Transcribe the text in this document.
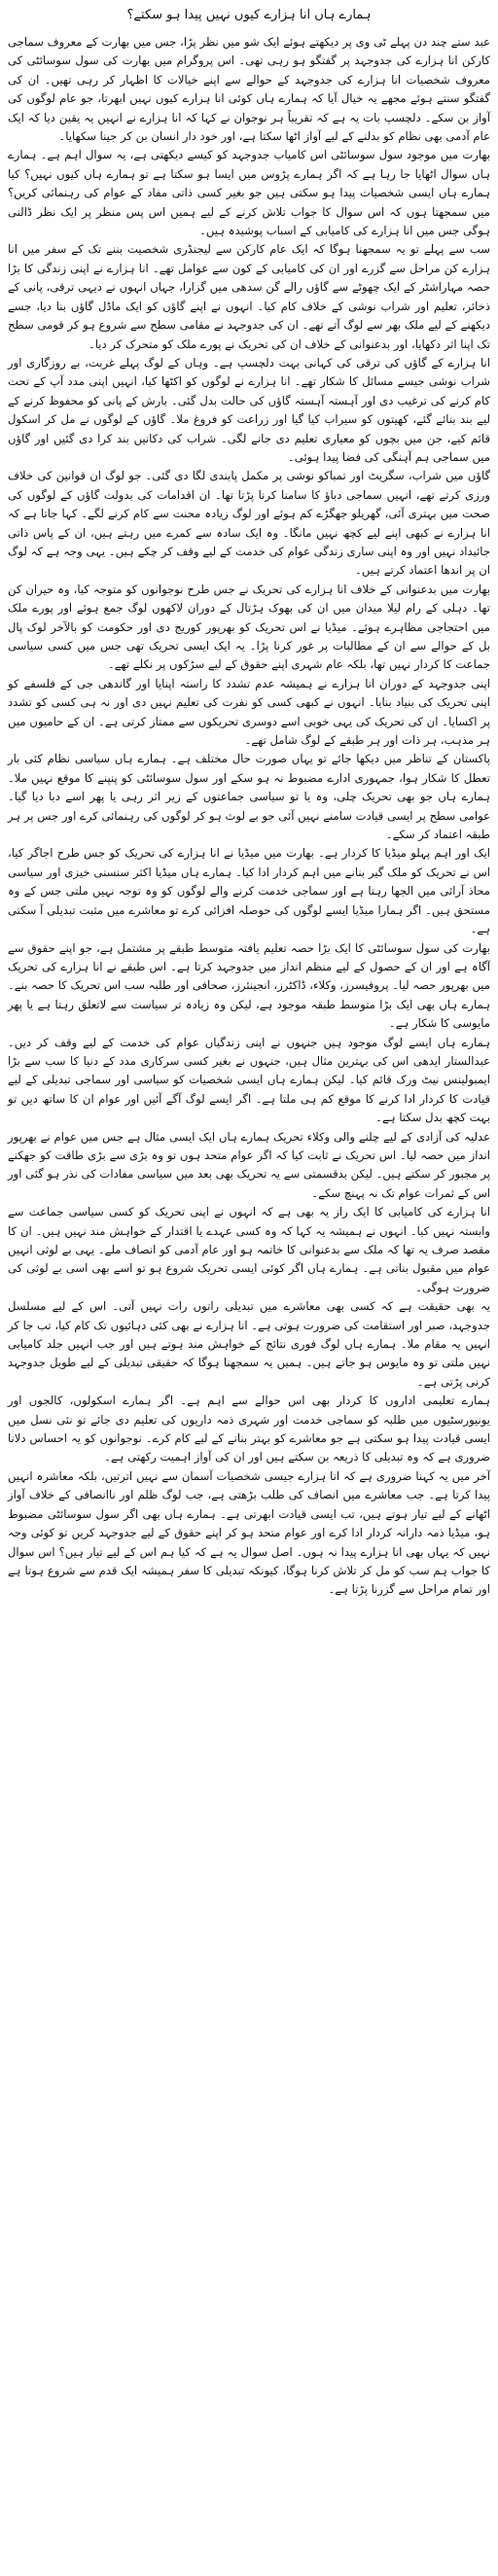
ہمارے ہاں انا ہزارے کیوں نہیں پیدا ہو سکتے؟

عبد ستے چند دن پہلے ٹی وی پر دیکھتے ہوئے ایک شو میں نظر پڑا، جس میں بھارت کے معروف سماجی کارکن انا ہزارے کی جدوجہد پر گفتگو ہو رہی تھی۔ اس پروگرام میں بھارت کی سول سوسائٹی کی معروف شخصیات انا ہزارے کی جدوجہد کے حوالے سے اپنے خیالات کا اظہار کر رہی تھیں۔ ان کی گفتگو سنتے ہوئے مجھے یہ خیال آیا کہ ہمارے ہاں کوئی انا ہزارے کیوں نہیں ابھرتا، جو عام لوگوں کی آواز بن سکے۔ دلچسپ بات یہ ہے کہ تقریباً ہر نوجوان نے کہا کہ انا ہزارے نے انہیں یہ یقین دیا کہ ایک عام آدمی بھی نظام کو بدلنے کے لیے آواز اٹھا سکتا ہے، اور خود دار انسان بن کر جینا سکھایا۔

بھارت میں موجود سول سوسائٹی اس کامیاب جدوجہد کو کیسے دیکھتی ہے، یہ سوال اہم ہے۔ ہمارے ہاں سوال اٹھایا جا رہا ہے کہ اگر ہمارے پڑوس میں ایسا ہو سکتا ہے تو ہمارے ہاں کیوں نہیں؟ کیا ہمارے ہاں ایسی شخصیات پیدا ہو سکتی ہیں جو بغیر کسی ذاتی مفاد کے عوام کی رہنمائی کریں؟ میں سمجھتا ہوں کہ اس سوال کا جواب تلاش کرنے کے لیے ہمیں اس پس منظر پر ایک نظر ڈالنی ہوگی جس میں انا ہزارے کی کامیابی کے اسباب پوشیدہ ہیں۔

سب سے پہلے تو یہ سمجھنا ہوگا کہ ایک عام کارکن سے لیجنڈری شخصیت بننے تک کے سفر میں انا ہزارے کن مراحل سے گزرے اور ان کی کامیابی کے کون سے عوامل تھے۔ انا ہزارے نے اپنی زندگی کا بڑا حصہ مہاراشٹر کے ایک چھوٹے سے گاؤں رالے گن سدھی میں گزارا، جہاں انہوں نے دیہی ترقی، پانی کے ذخائر، تعلیم اور شراب نوشی کے خلاف کام کیا۔ انہوں نے اپنے گاؤں کو ایک ماڈل گاؤں بنا دیا، جسے دیکھنے کے لیے ملک بھر سے لوگ آتے تھے۔ ان کی جدوجہد نے مقامی سطح سے شروع ہو کر قومی سطح تک اپنا اثر دکھایا، اور بدعنوانی کے خلاف ان کی تحریک نے پورے ملک کو متحرک کر دیا۔

انا ہزارے کے گاؤں کی ترقی کی کہانی بہت دلچسپ ہے۔ وہاں کے لوگ پہلے غربت، بے روزگاری اور شراب نوشی جیسے مسائل کا شکار تھے۔ انا ہزارے نے لوگوں کو اکٹھا کیا، انہیں اپنی مدد آپ کے تحت کام کرنے کی ترغیب دی اور آہستہ آہستہ گاؤں کی حالت بدل گئی۔ بارش کے پانی کو محفوظ کرنے کے لیے بند بنائے گئے، کھیتوں کو سیراب کیا گیا اور زراعت کو فروغ ملا۔ گاؤں کے لوگوں نے مل کر اسکول قائم کیے، جن میں بچوں کو معیاری تعلیم دی جانے لگی۔ شراب کی دکانیں بند کرا دی گئیں اور گاؤں میں سماجی ہم آہنگی کی فضا پیدا ہوئی۔

گاؤں میں شراب، سگریٹ اور تمباکو نوشی پر مکمل پابندی لگا دی گئی۔ جو لوگ ان قوانین کی خلاف ورزی کرتے تھے، انہیں سماجی دباؤ کا سامنا کرنا پڑتا تھا۔ ان اقدامات کی بدولت گاؤں کے لوگوں کی صحت میں بہتری آئی، گھریلو جھگڑے کم ہوئے اور لوگ زیادہ محنت سے کام کرنے لگے۔ کہا جاتا ہے کہ انا ہزارے نے کبھی اپنے لیے کچھ نہیں مانگا۔ وہ ایک سادہ سے کمرے میں رہتے ہیں، ان کے پاس ذاتی جائیداد نہیں اور وہ اپنی ساری زندگی عوام کی خدمت کے لیے وقف کر چکے ہیں۔ یہی وجہ ہے کہ لوگ ان پر اندھا اعتماد کرتے ہیں۔

بھارت میں بدعنوانی کے خلاف انا ہزارے کی تحریک نے جس طرح نوجوانوں کو متوجہ کیا، وہ حیران کن تھا۔ دہلی کے رام لیلا میدان میں ان کی بھوک ہڑتال کے دوران لاکھوں لوگ جمع ہوئے اور پورے ملک میں احتجاجی مظاہرے ہوئے۔ میڈیا نے اس تحریک کو بھرپور کوریج دی اور حکومت کو بالآخر لوک پال بل کے حوالے سے ان کے مطالبات پر غور کرنا پڑا۔ یہ ایک ایسی تحریک تھی جس میں کسی سیاسی جماعت کا کردار نہیں تھا، بلکہ عام شہری اپنے حقوق کے لیے سڑکوں پر نکلے تھے۔

اپنی جدوجہد کے دوران انا ہزارے نے ہمیشہ عدم تشدد کا راستہ اپنایا اور گاندھی جی کے فلسفے کو اپنی تحریک کی بنیاد بنایا۔ انہوں نے کبھی کسی کو نفرت کی تعلیم نہیں دی اور نہ ہی کسی کو تشدد پر اکسایا۔ ان کی تحریک کی یہی خوبی اسے دوسری تحریکوں سے ممتاز کرتی ہے۔ ان کے حامیوں میں ہر مذہب، ہر ذات اور ہر طبقے کے لوگ شامل تھے۔

پاکستان کے تناظر میں دیکھا جائے تو یہاں صورت حال مختلف ہے۔ ہمارے ہاں سیاسی نظام کئی بار تعطل کا شکار ہوا، جمہوری ادارے مضبوط نہ ہو سکے اور سول سوسائٹی کو پنپنے کا موقع نہیں ملا۔ ہمارے ہاں جو بھی تحریک چلی، وہ یا تو سیاسی جماعتوں کے زیر اثر رہی یا پھر اسے دبا دیا گیا۔ عوامی سطح پر ایسی قیادت سامنے نہیں آئی جو بے لوث ہو کر لوگوں کی رہنمائی کرے اور جس پر ہر طبقہ اعتماد کر سکے۔

ایک اور اہم پہلو میڈیا کا کردار ہے۔ بھارت میں میڈیا نے انا ہزارے کی تحریک کو جس طرح اجاگر کیا، اس نے تحریک کو ملک گیر بنانے میں اہم کردار ادا کیا۔ ہمارے ہاں میڈیا اکثر سنسنی خیزی اور سیاسی محاذ آرائی میں الجھا رہتا ہے اور سماجی خدمت کرنے والے لوگوں کو وہ توجہ نہیں ملتی جس کے وہ مستحق ہیں۔ اگر ہمارا میڈیا ایسے لوگوں کی حوصلہ افزائی کرے تو معاشرے میں مثبت تبدیلی آ سکتی ہے۔

بھارت کی سول سوسائٹی کا ایک بڑا حصہ تعلیم یافتہ متوسط طبقے پر مشتمل ہے، جو اپنے حقوق سے آگاہ ہے اور ان کے حصول کے لیے منظم انداز میں جدوجہد کرتا ہے۔ اس طبقے نے انا ہزارے کی تحریک میں بھرپور حصہ لیا۔ پروفیسرز، وکلاء، ڈاکٹرز، انجینئرز، صحافی اور طلبہ سب اس تحریک کا حصہ بنے۔ ہمارے ہاں بھی ایک بڑا متوسط طبقہ موجود ہے، لیکن وہ زیادہ تر سیاست سے لاتعلق رہتا ہے یا پھر مایوسی کا شکار ہے۔

ہمارے ہاں ایسے لوگ موجود ہیں جنہوں نے اپنی زندگیاں عوام کی خدمت کے لیے وقف کر دیں۔ عبدالستار ایدھی اس کی بہترین مثال ہیں، جنہوں نے بغیر کسی سرکاری مدد کے دنیا کا سب سے بڑا ایمبولینس نیٹ ورک قائم کیا۔ لیکن ہمارے ہاں ایسی شخصیات کو سیاسی اور سماجی تبدیلی کے لیے قیادت کا کردار ادا کرنے کا موقع کم ہی ملتا ہے۔ اگر ایسے لوگ آگے آئیں اور عوام ان کا ساتھ دیں تو بہت کچھ بدل سکتا ہے۔

عدلیہ کی آزادی کے لیے چلنے والی وکلاء تحریک ہمارے ہاں ایک ایسی مثال ہے جس میں عوام نے بھرپور انداز میں حصہ لیا۔ اس تحریک نے ثابت کیا کہ اگر عوام متحد ہوں تو وہ بڑی سے بڑی طاقت کو جھکنے پر مجبور کر سکتے ہیں۔ لیکن بدقسمتی سے یہ تحریک بھی بعد میں سیاسی مفادات کی نذر ہو گئی اور اس کے ثمرات عوام تک نہ پہنچ سکے۔

انا ہزارے کی کامیابی کا ایک راز یہ بھی ہے کہ انہوں نے اپنی تحریک کو کسی سیاسی جماعت سے وابستہ نہیں کیا۔ انہوں نے ہمیشہ یہ کہا کہ وہ کسی عہدے یا اقتدار کے خواہش مند نہیں ہیں۔ ان کا مقصد صرف یہ تھا کہ ملک سے بدعنوانی کا خاتمہ ہو اور عام آدمی کو انصاف ملے۔ یہی بے لوثی انہیں عوام میں مقبول بناتی ہے۔ ہمارے ہاں اگر کوئی ایسی تحریک شروع ہو تو اسے بھی اسی بے لوثی کی ضرورت ہوگی۔

یہ بھی حقیقت ہے کہ کسی بھی معاشرے میں تبدیلی راتوں رات نہیں آتی۔ اس کے لیے مسلسل جدوجہد، صبر اور استقامت کی ضرورت ہوتی ہے۔ انا ہزارے نے بھی کئی دہائیوں تک کام کیا، تب جا کر انہیں یہ مقام ملا۔ ہمارے ہاں لوگ فوری نتائج کے خواہش مند ہوتے ہیں اور جب انہیں جلد کامیابی نہیں ملتی تو وہ مایوس ہو جاتے ہیں۔ ہمیں یہ سمجھنا ہوگا کہ حقیقی تبدیلی کے لیے طویل جدوجہد کرنی پڑتی ہے۔

ہمارے تعلیمی اداروں کا کردار بھی اس حوالے سے اہم ہے۔ اگر ہمارے اسکولوں، کالجوں اور یونیورسٹیوں میں طلبہ کو سماجی خدمت اور شہری ذمہ داریوں کی تعلیم دی جائے تو نئی نسل میں ایسی قیادت پیدا ہو سکتی ہے جو معاشرے کو بہتر بنانے کے لیے کام کرے۔ نوجوانوں کو یہ احساس دلانا ضروری ہے کہ وہ تبدیلی کا ذریعہ بن سکتے ہیں اور ان کی آواز اہمیت رکھتی ہے۔

آخر میں یہ کہنا ضروری ہے کہ انا ہزارے جیسی شخصیات آسمان سے نہیں اترتیں، بلکہ معاشرہ انہیں پیدا کرتا ہے۔ جب معاشرے میں انصاف کی طلب بڑھتی ہے، جب لوگ ظلم اور ناانصافی کے خلاف آواز اٹھانے کے لیے تیار ہوتے ہیں، تب ایسی قیادت ابھرتی ہے۔ ہمارے ہاں بھی اگر سول سوسائٹی مضبوط ہو، میڈیا ذمہ دارانہ کردار ادا کرے اور عوام متحد ہو کر اپنے حقوق کے لیے جدوجہد کریں تو کوئی وجہ نہیں کہ یہاں بھی انا ہزارے پیدا نہ ہوں۔ اصل سوال یہ ہے کہ کیا ہم اس کے لیے تیار ہیں؟ اس سوال کا جواب ہم سب کو مل کر تلاش کرنا ہوگا، کیونکہ تبدیلی کا سفر ہمیشہ ایک قدم سے شروع ہوتا ہے اور تمام مراحل سے گزرنا پڑتا ہے۔
